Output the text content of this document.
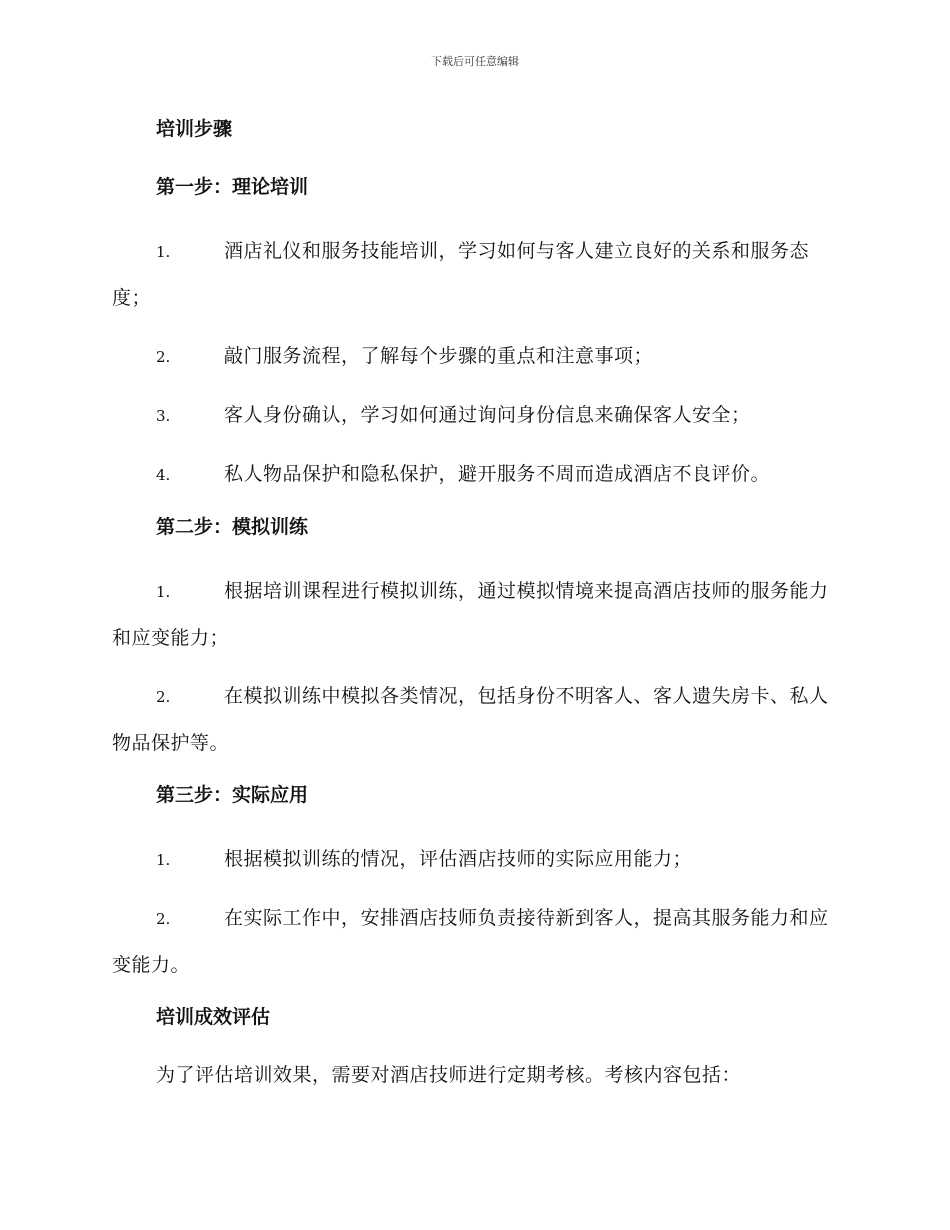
下载后可任意编辑
培训步骤
第一步：理论培训
1.	酒店礼仪和服务技能培训，学习如何与客人建立良好的关系和服务态度；
2.	敲门服务流程，了解每个步骤的重点和注意事项；
3.	客人身份确认，学习如何通过询问身份信息来确保客人安全；
4.	私人物品保护和隐私保护，避开服务不周而造成酒店不良评价。
第二步：模拟训练
1.	根据培训课程进行模拟训练，通过模拟情境来提高酒店技师的服务能力和应变能力；
2.	在模拟训练中模拟各类情况，包括身份不明客人、客人遗失房卡、私人物品保护等。
第三步：实际应用
1.	根据模拟训练的情况，评估酒店技师的实际应用能力；
2.	在实际工作中，安排酒店技师负责接待新到客人，提高其服务能力和应变能力。
培训成效评估
为了评估培训效果，需要对酒店技师进行定期考核。考核内容包括：
